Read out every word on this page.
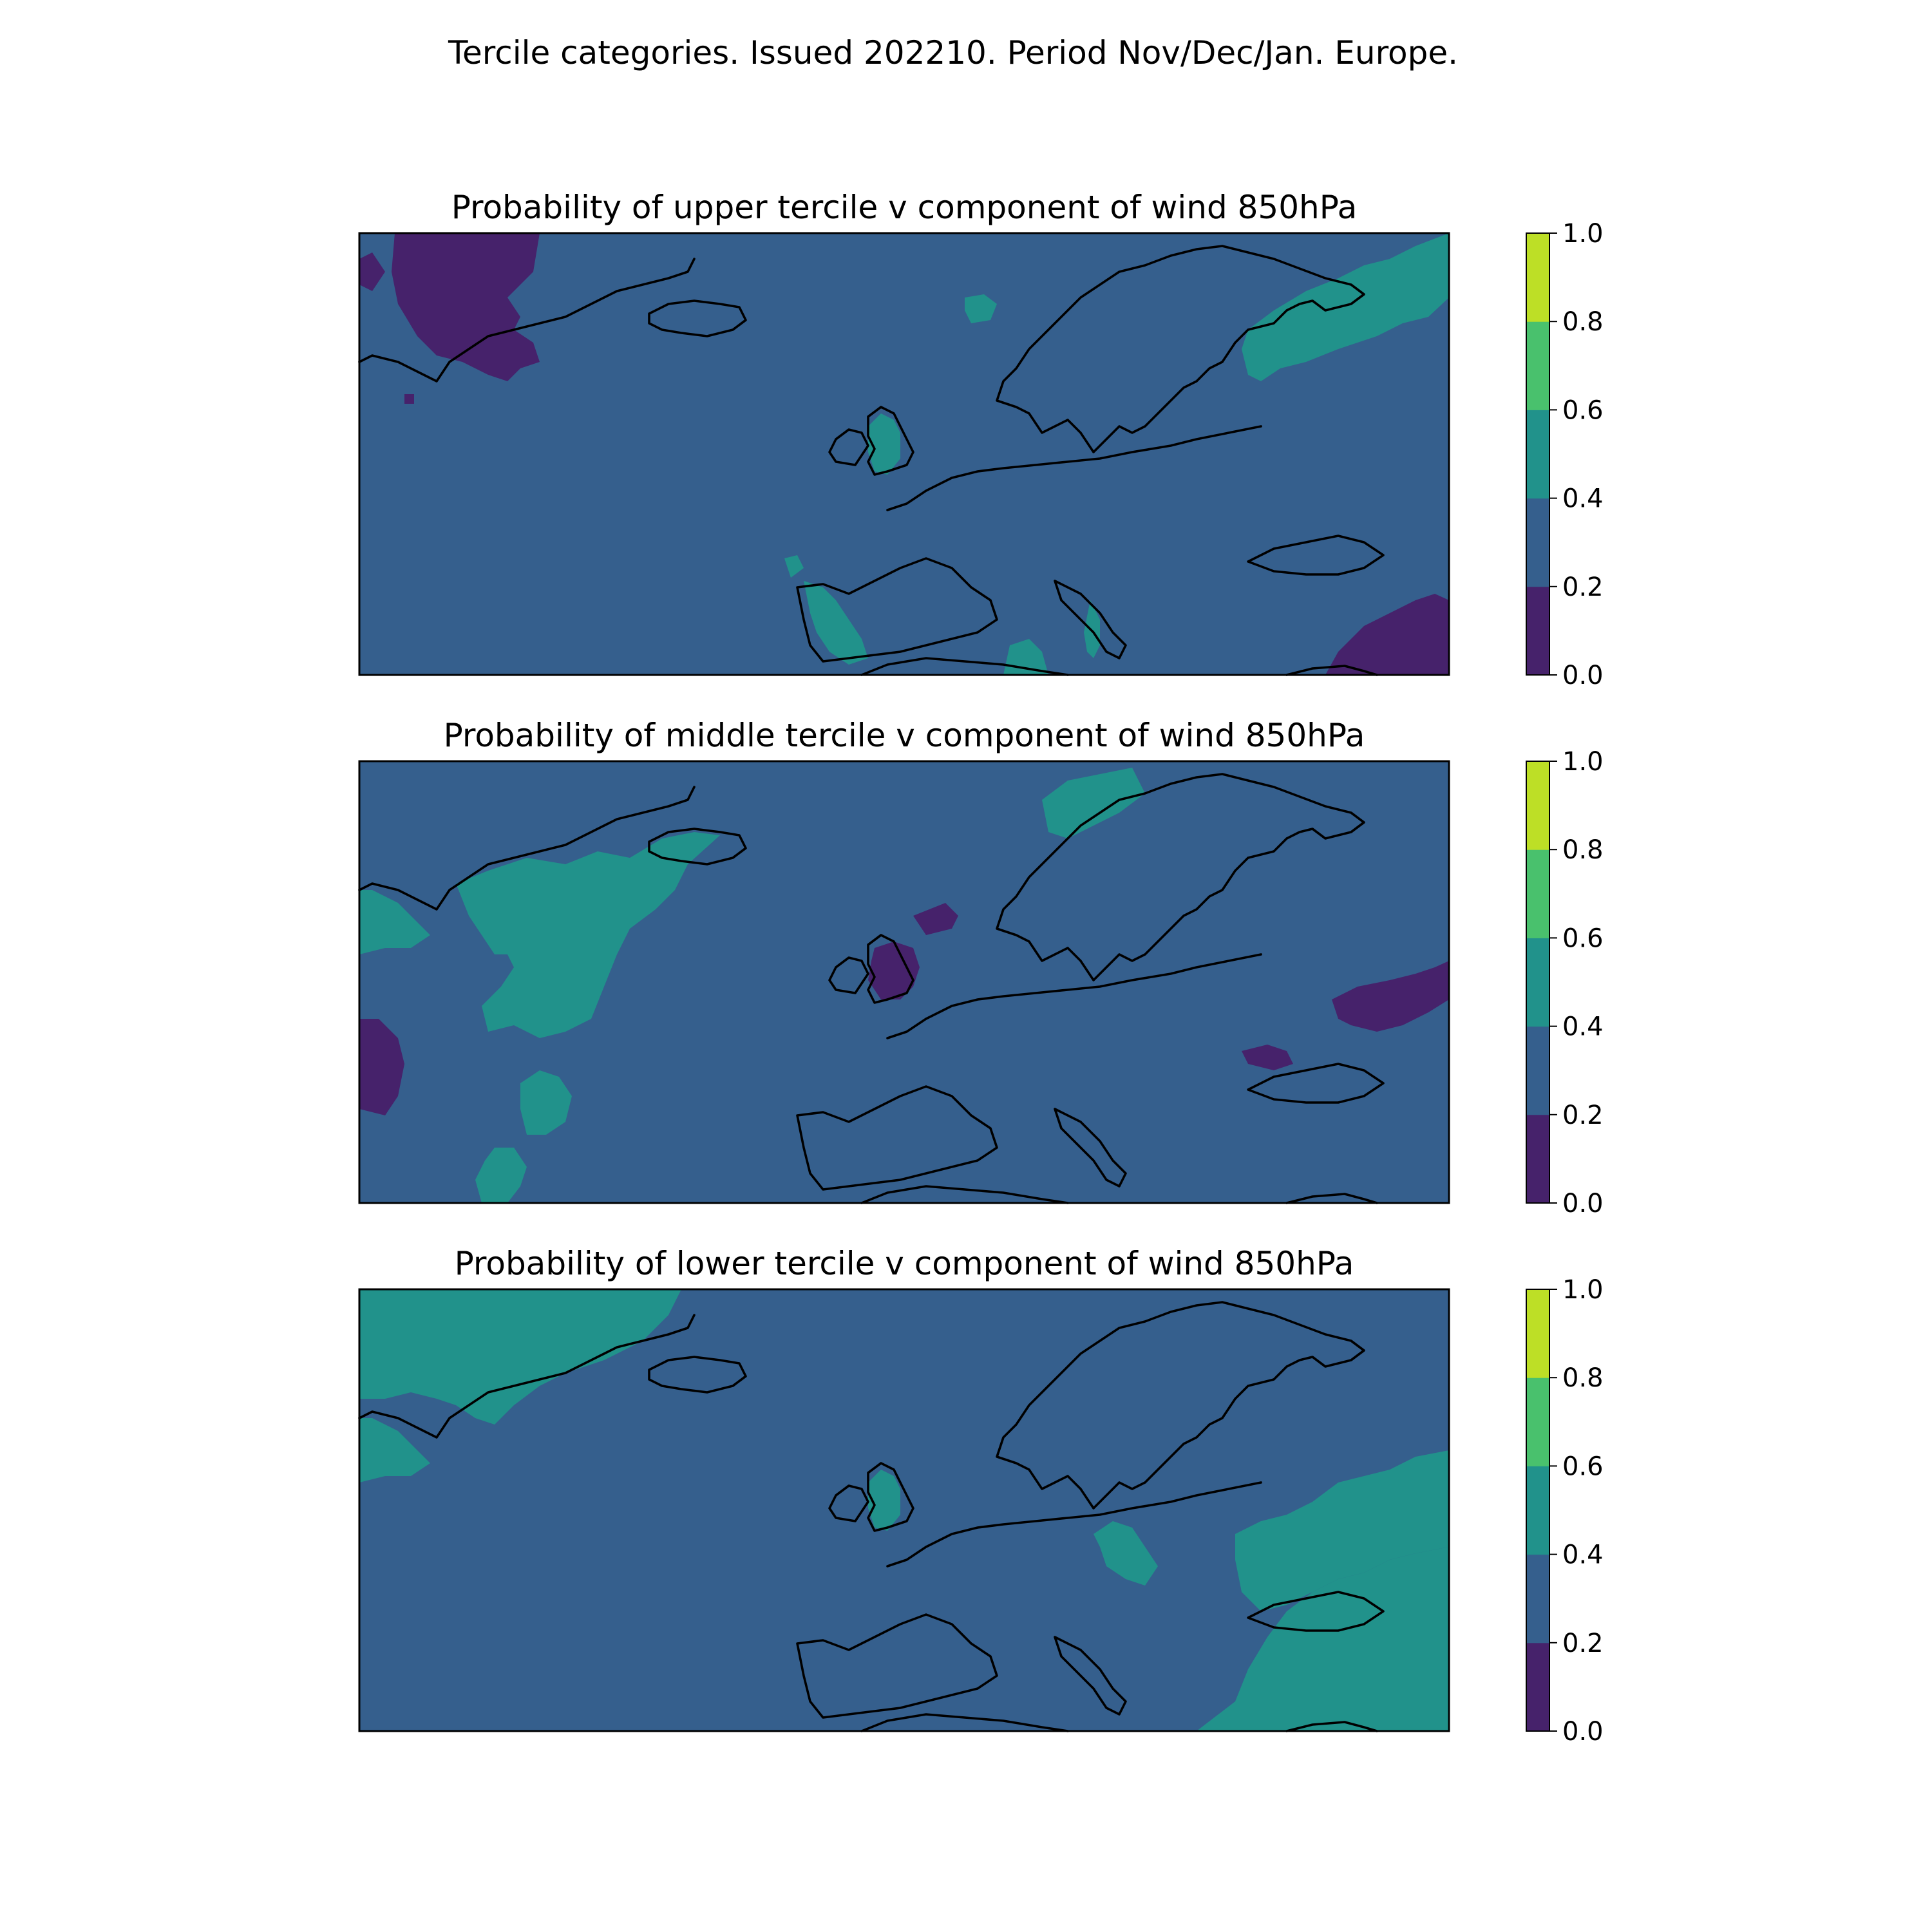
Tercile categories. Issued 202210. Period Nov/Dec/Jan. Europe.
Probability of upper tercile v component of wind 850hPa
0.0
0.2
0.4
0.6
0.8
1.0
Probability of middle tercile v component of wind 850hPa
0.0
0.2
0.4
0.6
0.8
1.0
Probability of lower tercile v component of wind 850hPa
0.0
0.2
0.4
0.6
0.8
1.0
